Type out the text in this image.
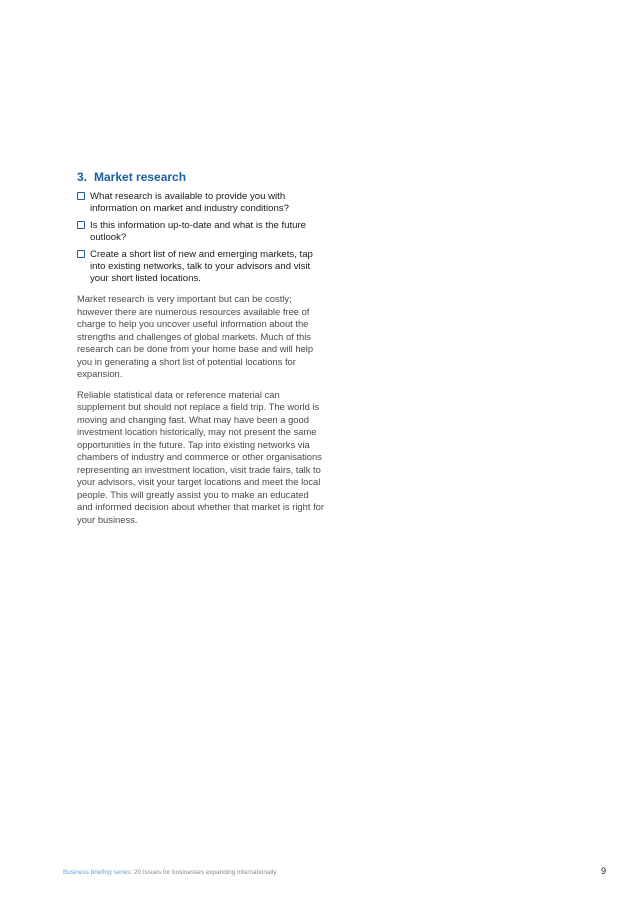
3. Market research
What research is available to provide you with information on market and industry conditions?
Is this information up-to-date and what is the future outlook?
Create a short list of new and emerging markets, tap into existing networks, talk to your advisors and visit your short listed locations.

Market research is very important but can be costly; however there are numerous resources available free of charge to help you uncover useful information about the strengths and challenges of global markets. Much of this research can be done from your home base and will help you in generating a short list of potential locations for expansion.

Reliable statistical data or reference material can supplement but should not replace a field trip. The world is moving and changing fast. What may have been a good investment location historically, may not present the same opportunities in the future. Tap into existing networks via chambers of industry and commerce or other organisations representing an investment location, visit trade fairs, talk to your advisors, visit your target locations and meet the local people. This will greatly assist you to make an educated and informed decision about whether that market is right for your business.

Business briefing series: 20 issues for businesses expanding internationally	9
